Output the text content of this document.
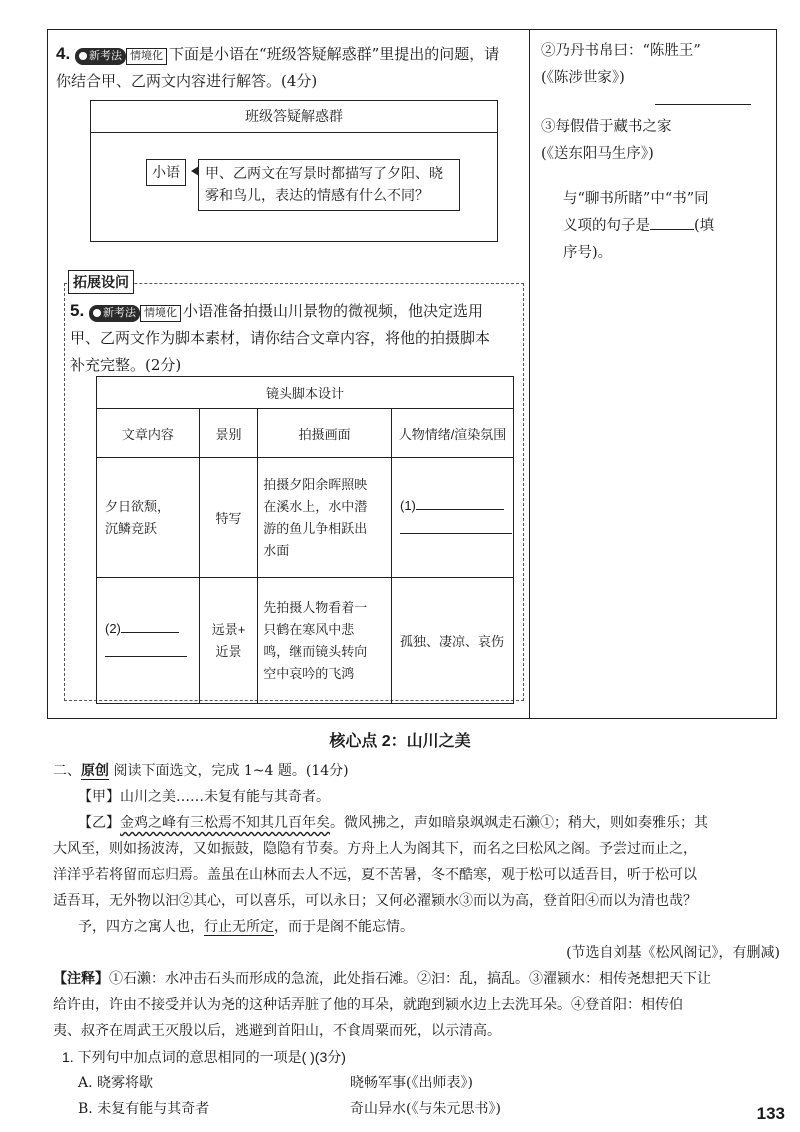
4. 新考法 情境化 下面是小语在“班级答疑解惑群”里提出的问题，请
你结合甲、乙两文内容进行解答。(4分)
班级答疑解惑群
小语	甲、乙两文在写景时都描写了夕阳、晓
雾和鸟儿，表达的情感有什么不同？
拓展设问
5. 新考法 情境化 小语准备拍摄山川景物的微视频，他决定选用
甲、乙两文作为脚本素材，请你结合文章内容，将他的拍摄脚本
补充完整。(2分)
镜头脚本设计			
文章内容	景别	拍摄画面	人物情绪/渲染氛围
夕日欲颓，
沉鳞竞跃	特写	拍摄夕阳余晖照映
在溪水上，水中潜
游的鱼儿争相跃出
水面	(1)

(2)	远景+
近景	先拍摄人物看着一
只鹤在寒风中悲
鸣，继而镜头转向
空中哀吟的飞鸿	孤独、凄凉、哀伤
②乃丹书帛曰：“陈胜王”
(《陈涉世家》)
③每假借于藏书之家
(《送东阳马生序》)
与“聊书所睹”中“书”同
义项的句子是	(填
序号)。
核心点 2：山川之美
二、原创 阅读下面选文，完成 1~4 题。(14分)
【甲】山川之美……未复有能与其奇者。
【乙】金鸡之峰有三松焉不知其几百年矣。微风拂之，声如暗泉飒飒走石濑①；稍大，则如奏雅乐；其
大风至，则如扬波涛，又如振鼓，隐隐有节奏。方舟上人为阁其下，而名之曰松风之阁。予尝过而止之，
洋洋乎若将留而忘归焉。盖虽在山林而去人不远，夏不苦暑，冬不酷寒，观于松可以适吾目，听于松可以
适吾耳，无外物以汩②其心，可以喜乐，可以永日；又何必濯颍水③而以为高，登首阳④而以为清也哉？
予，四方之寓人也，行止无所定，而于是阁不能忘情。
(节选自刘基《松风阁记》，有删减)
【注释】①石濑：水冲击石头而形成的急流，此处指石滩。②汩：乱，搞乱。③濯颍水：相传尧想把天下让
给许由，许由不接受并认为尧的这种话弄脏了他的耳朵，就跑到颍水边上去洗耳朵。④登首阳：相传伯
夷、叔齐在周武王灭殷以后，逃避到首阳山，不食周粟而死，以示清高。
1. 下列句中加点词的意思相同的一项是( )(3分)
A. 晓雾将歇	晓畅军事(《出师表》)
B. 未复有能与其奇者	奇山异水(《与朱元思书》)	133
